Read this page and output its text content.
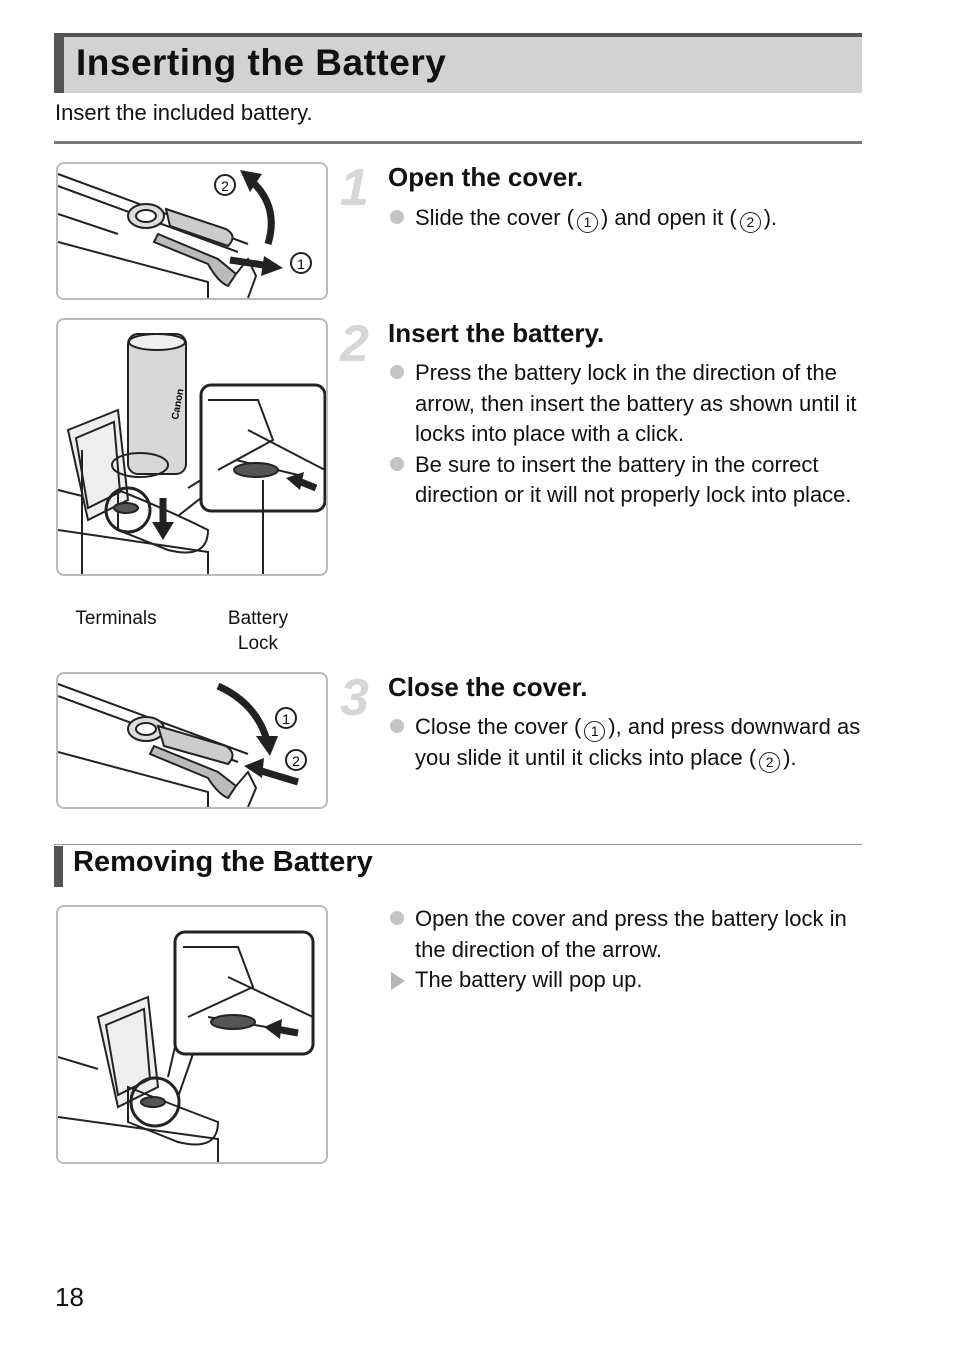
Inserting the Battery
Insert the included battery.
2
1
1 Open the cover.
Slide the cover ( 1 ) and open it ( 2 ).
Canon
Terminals	Battery Lock
2 Insert the battery.
Press the battery lock in the direction of the arrow, then insert the battery as shown until it locks into place with a click.
Be sure to insert the battery in the correct direction or it will not properly lock into place.
1
2
3 Close the cover.
Close the cover ( 1 ), and press downward as you slide it until it clicks into place ( 2 ).
Removing the Battery
Open the cover and press the battery lock in the direction of the arrow.
The battery will pop up.
18
